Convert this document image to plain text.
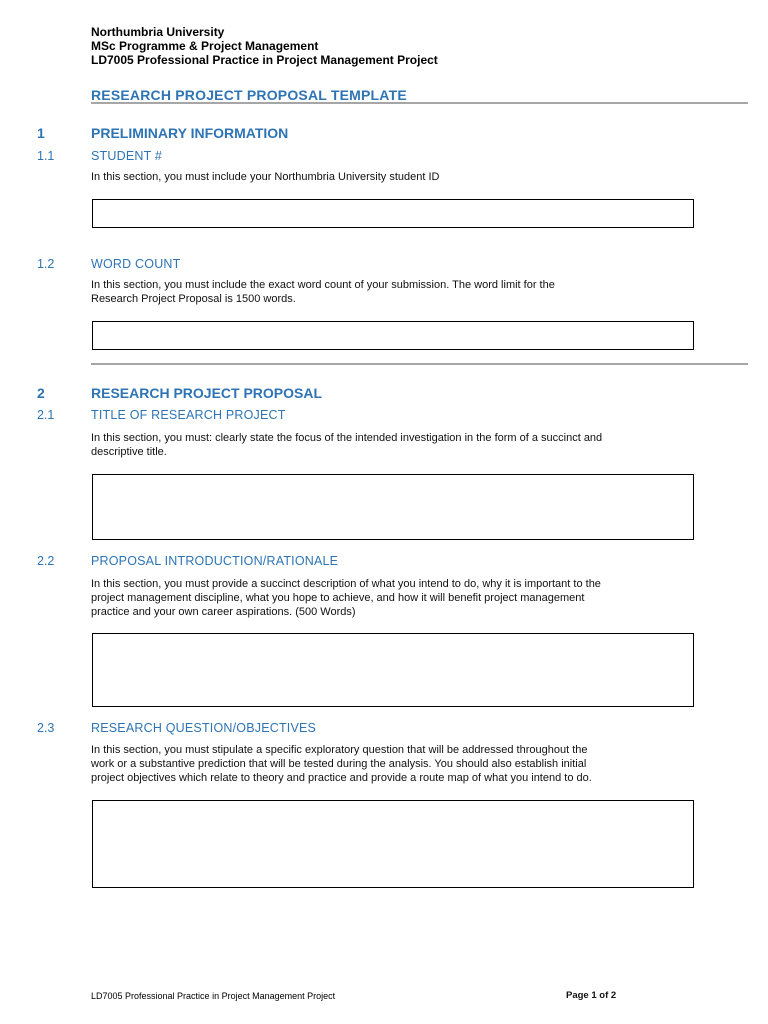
Northumbria University
MSc Programme & Project Management
LD7005 Professional Practice in Project Management Project
RESEARCH PROJECT PROPOSAL TEMPLATE
1	PRELIMINARY INFORMATION
1.1	STUDENT #
In this section, you must include your Northumbria University student ID
1.2	WORD COUNT
In this section, you must include the exact word count of your submission. The word limit for the
Research Project Proposal is 1500 words.
2	RESEARCH PROJECT PROPOSAL
2.1	TITLE OF RESEARCH PROJECT
In this section, you must: clearly state the focus of the intended investigation in the form of a succinct and
descriptive title.
2.2	PROPOSAL INTRODUCTION/RATIONALE
In this section, you must provide a succinct description of what you intend to do, why it is important to the
project management discipline, what you hope to achieve, and how it will benefit project management
practice and your own career aspirations. (500 Words)
2.3	RESEARCH QUESTION/OBJECTIVES
In this section, you must stipulate a specific exploratory question that will be addressed throughout the
work or a substantive prediction that will be tested during the analysis. You should also establish initial
project objectives which relate to theory and practice and provide a route map of what you intend to do.
LD7005 Professional Practice in Project Management Project	Page 1 of 2
